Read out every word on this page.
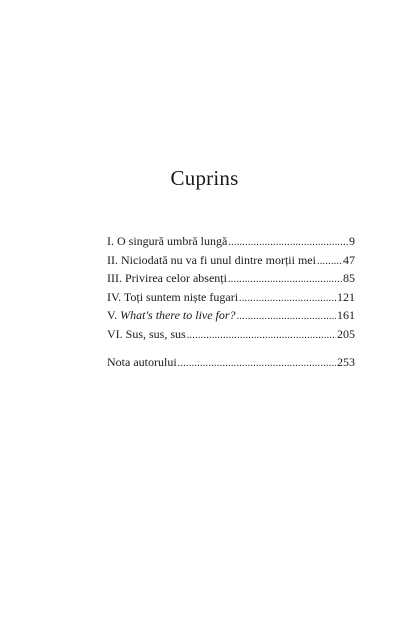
Cuprins
I. O singură umbră lungă .....	9
II. Niciodată nu va fi unul dintre morții mei ..... 47
III. Privirea celor absenți .....	85
IV. Toți suntem niște fugari .....	121
V. What's there to live for? .....	161
VI. Sus, sus, sus .....	205
Nota autorului .....	253
